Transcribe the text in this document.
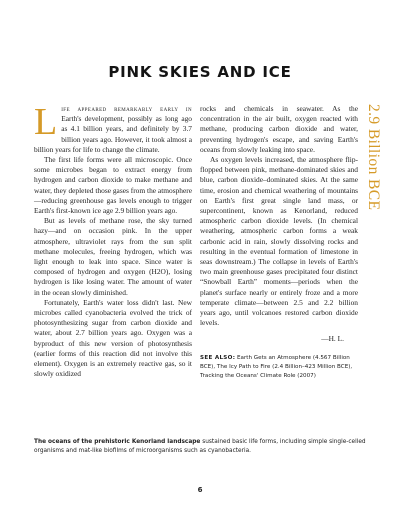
PINK SKIES AND ICE

Life appeared remarkably early in Earth's development, possibly as long ago as 4.1 billion years, and definitely by 3.7 billion years ago. However, it took almost a billion years for life to change the climate.

The first life forms were all microscopic. Once some microbes began to extract energy from hydrogen and carbon dioxide to make methane and water, they depleted those gases from the atmosphere—reducing greenhouse gas levels enough to trigger Earth's first-known ice age 2.9 billion years ago.

But as levels of methane rose, the sky turned hazy—and on occasion pink. In the upper atmosphere, ultraviolet rays from the sun split methane molecules, freeing hydrogen, which was light enough to leak into space. Since water is composed of hydrogen and oxygen (H2O), losing hydrogen is like losing water. The amount of water in the ocean slowly diminished.

Fortunately, Earth's water loss didn't last. New microbes called cyanobacteria evolved the trick of photosynthesizing sugar from carbon dioxide and water, about 2.7 billion years ago. Oxygen was a byproduct of this new version of photosynthesis (earlier forms of this reaction did not involve this element). Oxygen is an extremely reactive gas, so it slowly oxidized

rocks and chemicals in seawater. As the concentration in the air built, oxygen reacted with methane, producing carbon dioxide and water, preventing hydrogen's escape, and saving Earth's oceans from slowly leaking into space.

As oxygen levels increased, the atmosphere flip-flopped between pink, methane-dominated skies and blue, carbon dioxide–dominated skies. At the same time, erosion and chemical weathering of mountains on Earth's first great single land mass, or supercontinent, known as Kenorland, reduced atmospheric carbon dioxide levels. (In chemical weathering, atmospheric carbon forms a weak carbonic acid in rain, slowly dissolving rocks and resulting in the eventual formation of limestone in seas downstream.) The collapse in levels of Earth's two main greenhouse gases precipitated four distinct “Snowball Earth” moments—periods when the planet's surface nearly or entirely froze and a more temperate climate—between 2.5 and 2.2 billion years ago, until volcanoes restored carbon dioxide levels.

—H. L.

SEE ALSO: Earth Gets an Atmosphere (4.567 Billion BCE), The Icy Path to Fire (2.4 Billion–423 Million BCE), Tracking the Oceans' Climate Role (2007)

2.9 Billion BCE
The oceans of the prehistoric Kenorland landscape sustained basic life forms, including simple single-celled organisms and mat-like biofilms of microorganisms such as cyanobacteria.
6
